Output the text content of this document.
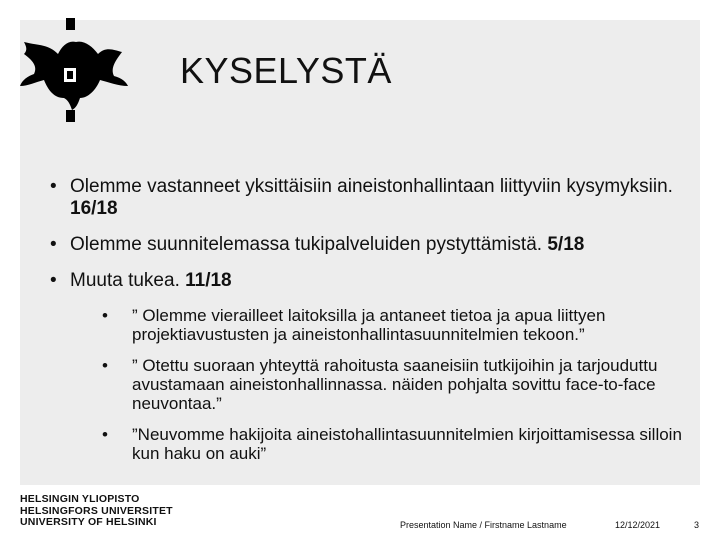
KYSELYSTÄ
• Olemme vastanneet yksittäisiin aineistonhallintaan liittyviin kysymyksiin. 16/18
• Olemme suunnitelemassa tukipalveluiden pystyttämistä. 5/18
• Muuta tukea. 11/18
• ” Olemme vierailleet laitoksilla ja antaneet tietoa ja apua liittyen projektiavustusten ja aineistonhallintasuunnitelmien tekoon.”
• ” Otettu suoraan yhteyttä rahoitusta saaneisiin tutkijoihin ja tarjouduttu avustamaan aineistonhallinnassa. näiden pohjalta sovittu face-to-face neuvontaa.”
• ”Neuvomme hakijoita aineistohallintasuunnitelmien kirjoittamisessa silloin kun haku on auki”
HELSINGIN YLIOPISTO
HELSINGFORS UNIVERSITET
UNIVERSITY OF HELSINKI	Presentation Name / Firstname Lastname	12/12/2021	3
